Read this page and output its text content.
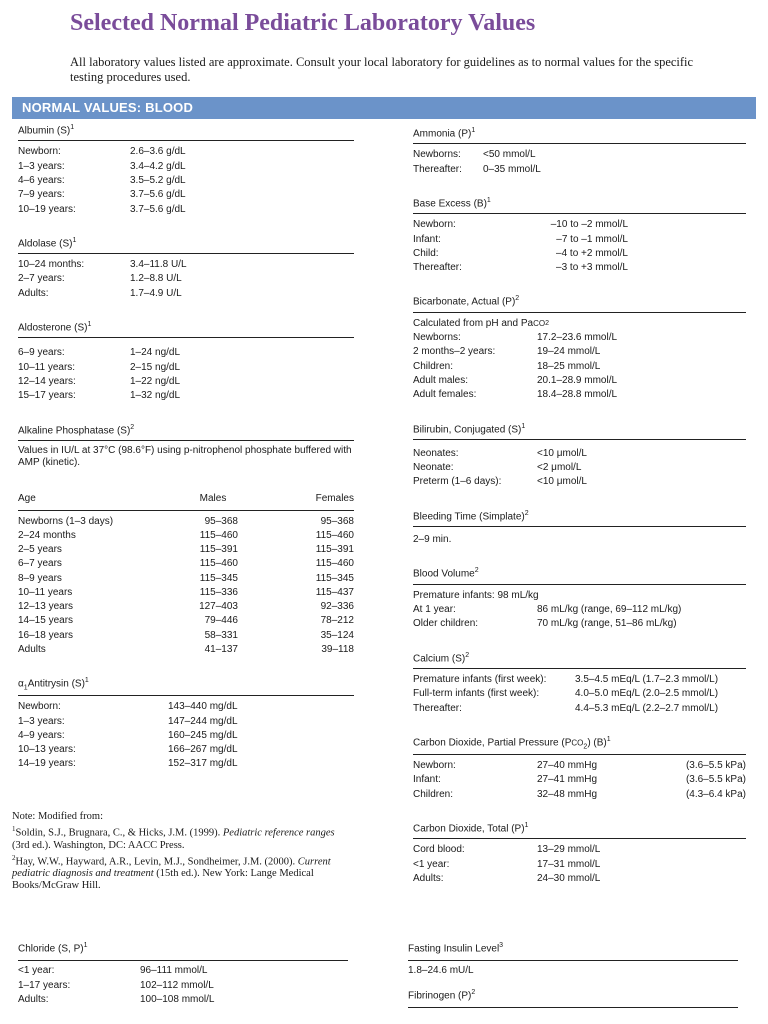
Selected Normal Pediatric Laboratory Values
All laboratory values listed are approximate. Consult your local laboratory for guidelines as to normal values for the specific testing procedures used.
NORMAL VALUES: BLOOD
Albumin $(S)^1$
Newborn:	2.6–3.6 g/dL
1–3 years:	3.4–4.2 g/dL
4–6 years:	3.5–5.2 g/dL
7–9 years:	3.7–5.6 g/dL
10–19 years:	3.7–5.6 g/dL
Aldolase $(S)^1$
10–24 months:	3.4–11.8 U/L
2–7 years:	1.2–8.8 U/L
Adults:	1.7–4.9 U/L
Aldosterone $(S)^1$
6–9 years:	1–24 ng/dL
10–11 years:	2–15 ng/dL
12–14 years:	1–22 ng/dL
15–17 years:	1–32 ng/dL
Alkaline Phosphatase $(S)^2$
Values in IU/L at 37°C (98.6°F) using p-nitrophenol phosphate buffered with AMP (kinetic).
Age	Males	Females
Newborns (1–3 days)	95–368	95–368
2–24 months	115–460	115–460
2–5 years	115–391	115–391
6–7 years	115–460	115–460
8–9 years	115–345	115–345
10–11 years	115–336	115–437
12–13 years	127–403	92–336
14–15 years	79–446	78–212
16–18 years	58–331	35–124
Adults	41–137	39–118
$\alpha_1Antitrysin$ $(S)^1$
Newborn:	143–440 mg/dL
1–3 years:	147–244 mg/dL
4–9 years:	160–245 mg/dL
10–13 years:	166–267 mg/dL
14–19 years:	152–317 mg/dL
Note: Modified from:
$^1$Soldin, S.J., Brugnara, C., & Hicks, J.M. (1999). Pediatric reference ranges (3rd ed.). Washington, DC: AACC Press.
$^2$Hay, W.W., Hayward, A.R., Levin, M.J., Sondheimer, J.M. (2000). Current pediatric diagnosis and treatment (15th ed.). New York: Lange Medical Books/McGraw Hill.
Ammonia $(P)^1$
Newborns:	<50 mmol/L
Thereafter:	0–35 mmol/L
Base Excess $(B)^1$
Newborn:	–10 to –2 mmol/L
Infant:	–7 to –1 mmol/L
Child:	–4 to +2 mmol/L
Thereafter:	–3 to +3 mmol/L
Bicarbonate, Actual $(P)^2$
Calculated from pH and Pa CO 2
Newborns:	17.2–23.6 mmol/L
2 months–2 years:	19–24 mmol/L
Children:	18–25 mmol/L
Adult males:	20.1–28.9 mmol/L
Adult females:	18.4–28.8 mmol/L
Bilirubin, Conjugated $(S)^1$
Neonates:	<10 μmol/L
Neonate:	<2 μmol/L
Preterm (1–6 days):	<10 μmol/L
Bleeding Time (Simplate)$^2$
2–9 min.
Blood Volume$^2$
Premature infants: 98 mL/kg
At 1 year:	86 mL/kg (range, 69–112 mL/kg)
Older children:	70 mL/kg (range, 51–86 mL/kg)
Calcium $(S)^2$
Premature infants (first week):	3.5–4.5 mEq/L (1.7–2.3 mmol/L)
Full-term infants (first week):	4.0–5.0 mEq/L (2.0–2.5 mmol/L)
Thereafter:	4.4–5.3 mEq/L (2.2–2.7 mmol/L)
Carbon Dioxide, Partial Pressure $(PCO_2)$ $(B)^1$
Newborn:	27–40 mmHg	(3.6–5.5 kPa)
Infant:	27–41 mmHg	(3.6–5.5 kPa)
Children:	32–48 mmHg	(4.3–6.4 kPa)
Carbon Dioxide, Total $(P)^1$
Cord blood:	13–29 mmol/L
<1 year:	17–31 mmol/L
Adults:	24–30 mmol/L
Chloride (S, P)$^1$
<1 year:	96–111 mmol/L
1–17 years:	102–112 mmol/L
Adults:	100–108 mmol/L
Fasting Insulin Level$^3$
1.8–24.6 mU/L
Fibrinogen $(P)^2$
